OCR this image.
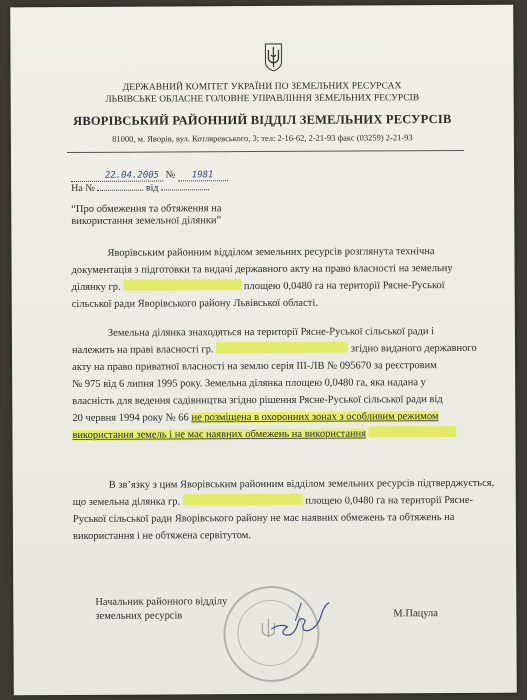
ДЕРЖАВНИЙ КОМІТЕТ УКРАЇНИ ПО ЗЕМЕЛЬНИХ РЕСУРСАХ
ЛЬВІВСЬКЕ ОБЛАСНЕ ГОЛОВНЕ УПРАВЛІННЯ ЗЕМЕЛЬНИХ РЕСУРСІВ
ЯВОРІВСЬКИЙ РАЙОННИЙ ВІДДІЛ ЗЕМЕЛЬНИХ РЕСУРСІВ
81000, м. Яворів, вул. Котляревського, 3; тел: 2-16-62, 2-21-93 факс (03259) 2-21-93
22.04.2005 № 1981
На №	від
“Про обмеження та обтяження на
використання земельної ділянки”
Яворівським районним відділом земельних ресурсів розглянута технічна
документація з підготовки та видачі державного акту на право власності на земельну
ділянку гр.	площею 0,0480 га на території Рясне-Руської
сільської ради Яворівського району Львівської області.
Земельна ділянка знаходяться на території Рясне-Руської сільської ради і
належить на праві власності гр.	згідно виданого державного
акту на право приватної власності на землю серія ІІІ-ЛВ № 095670 за реєстровим
№ 975 від 6 липня 1995 року. Земельна ділянка площею 0,0480 га, яка надана у
власність для ведення садівництва згідно рішення Рясне-Руської сільської ради від
20 червня 1994 року № 66 не розміщена в охоронних зонах з особливим режимом
використання земель і не має наявних обмежень на використання
В зв’язку з цим Яворівським районним відділом земельних ресурсів підтверджується,
що земельна ділянка гр.	площею 0,0480 га на території Рясне-
Руської сільської ради Яворівського району не має наявних обмежень та обтяжень на
використання і не обтяжена сервітутом.
Начальник районного відділу
земельних ресурсів	М.Пацула
